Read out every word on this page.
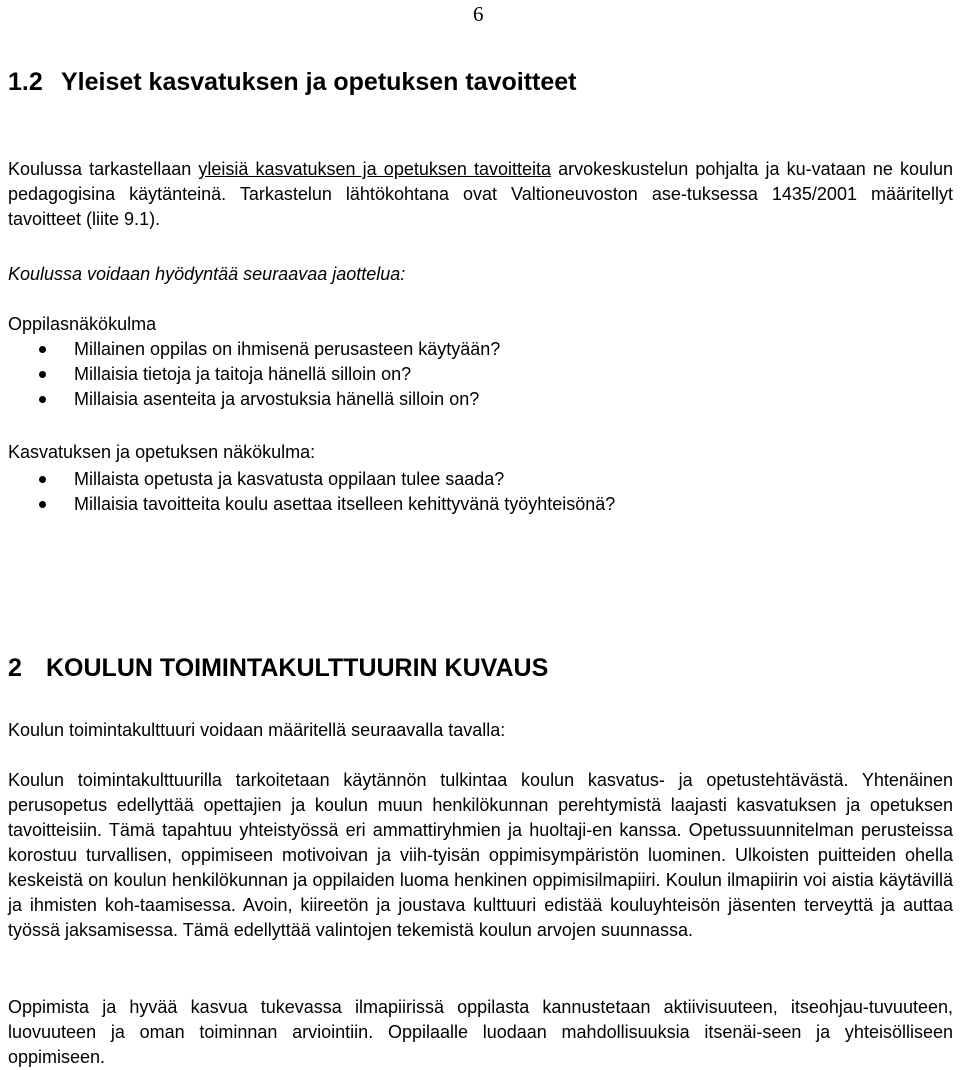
6
1.2 Yleiset kasvatuksen ja opetuksen tavoitteet

Koulussa tarkastellaan yleisiä kasvatuksen ja opetuksen tavoitteita arvokeskustelun pohjalta ja ku-vataan ne koulun pedagogisina käytänteinä. Tarkastelun lähtökohtana ovat Valtioneuvoston ase-tuksessa 1435/2001 määritellyt tavoitteet (liite 9.1).

Koulussa voidaan hyödyntää seuraavaa jaottelua:

Oppilasnäkökulma

Millainen oppilas on ihmisenä perusasteen käytyään?
Millaisia tietoja ja taitoja hänellä silloin on?
Millaisia asenteita ja arvostuksia hänellä silloin on?

Kasvatuksen ja opetuksen näkökulma:

Millaista opetusta ja kasvatusta oppilaan tulee saada?
Millaisia tavoitteita koulu asettaa itselleen kehittyvänä työyhteisönä?
2 KOULUN TOIMINTAKULTTUURIN KUVAUS

Koulun toimintakulttuuri voidaan määritellä seuraavalla tavalla:

Koulun toimintakulttuurilla tarkoitetaan käytännön tulkintaa koulun kasvatus- ja opetustehtävästä. Yhtenäinen perusopetus edellyttää opettajien ja koulun muun henkilökunnan perehtymistä laajasti kasvatuksen ja opetuksen tavoitteisiin. Tämä tapahtuu yhteistyössä eri ammattiryhmien ja huoltaji-en kanssa. Opetussuunnitelman perusteissa korostuu turvallisen, oppimiseen motivoivan ja viih-tyisän oppimisympäristön luominen. Ulkoisten puitteiden ohella keskeistä on koulun henkilökunnan ja oppilaiden luoma henkinen oppimisilmapiiri. Koulun ilmapiirin voi aistia käytävillä ja ihmisten koh-taamisessa. Avoin, kiireetön ja joustava kulttuuri edistää kouluyhteisön jäsenten terveyttä ja auttaa työssä jaksamisessa. Tämä edellyttää valintojen tekemistä koulun arvojen suunnassa.

Oppimista ja hyvää kasvua tukevassa ilmapiirissä oppilasta kannustetaan aktiivisuuteen, itseohjau-tuvuuteen, luovuuteen ja oman toiminnan arviointiin. Oppilaalle luodaan mahdollisuuksia itsenäi-seen ja yhteisölliseen oppimiseen.
